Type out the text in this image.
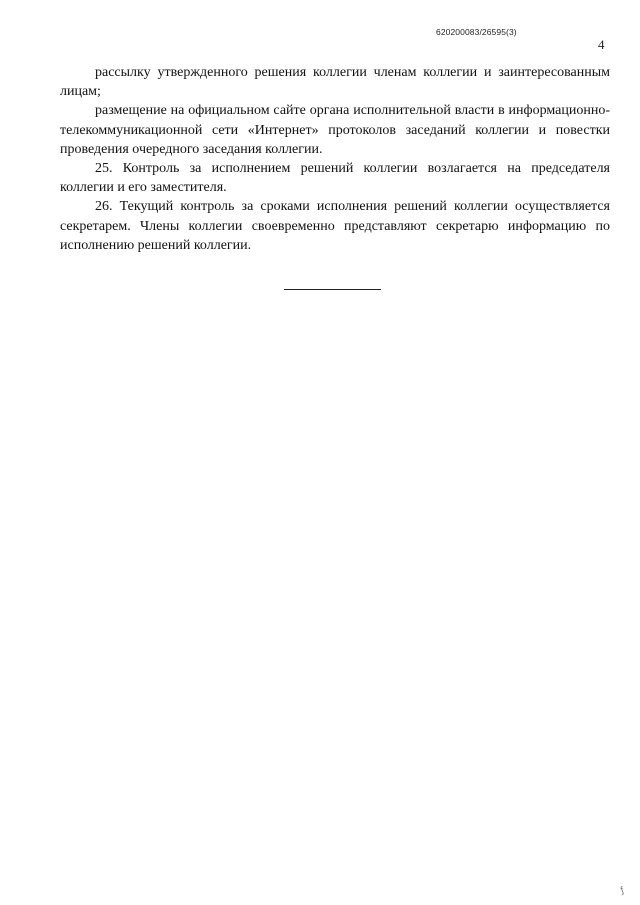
620200083/26595(3)
4

рассылку утвержденного решения коллегии членам коллегии и заинтересованным лицам;

размещение на официальном сайте органа исполнительной власти в информационно-телекоммуникационной сети «Интернет» протоколов заседаний коллегии и повестки проведения очередного заседания коллегии.

25. Контроль за исполнением решений коллегии возлагается на председателя коллегии и его заместителя.

26. Текущий контроль за сроками исполнения решений коллегии осуществляется секретарем. Члены коллегии своевременно представляют секретарю информацию по исполнению решений коллегии.

ƒ
